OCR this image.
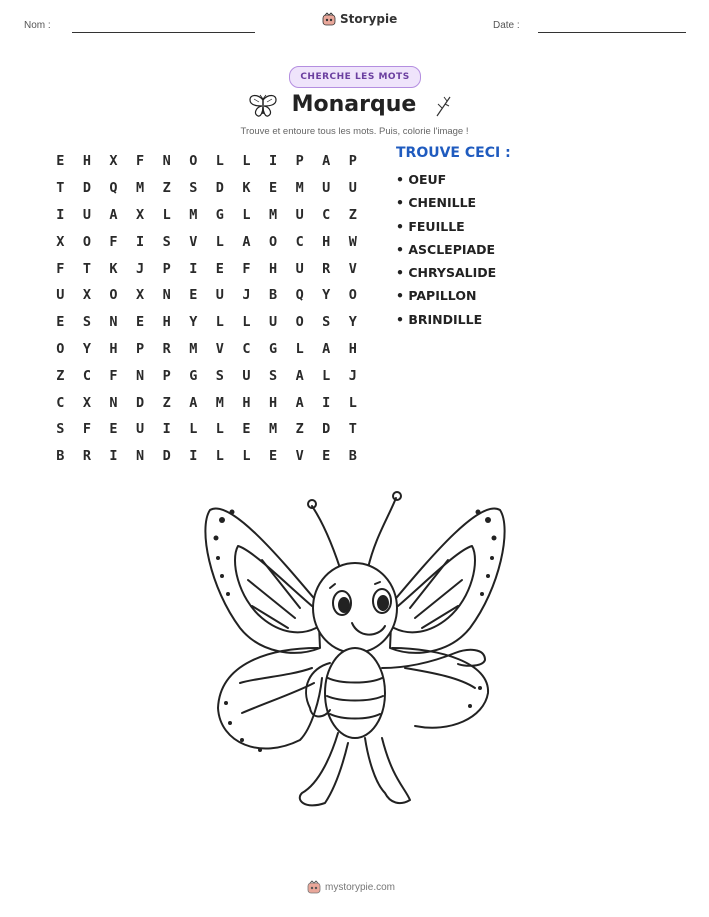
Nom :	Storypie	Date :
CHERCHE LES MOTS
Monarque
Trouve et entoure tous les mots. Puis, colorie l'image !
E	H	X	F	N	O	L	L	I	P	A	P
T	D	Q	M	Z	S	D	K	E	M	U	U
I	U	A	X	L	M	G	L	M	U	C	Z
X	O	F	I	S	V	L	A	O	C	H	W
F	T	K	J	P	I	E	F	H	U	R	V
U	X	O	X	N	E	U	J	B	Q	Y	O
E	S	N	E	H	Y	L	L	U	O	S	Y
O	Y	H	P	R	M	V	C	G	L	A	H
Z	C	F	N	P	G	S	U	S	A	L	J
C	X	N	D	Z	A	M	H	H	A	I	L
S	F	E	U	I	L	L	E	M	Z	D	T
B	R	I	N	D	I	L	L	E	V	E	B
TROUVE CECI :
• OEUF
• CHENILLE
• FEUILLE
• ASCLEPIADE
• CHRYSALIDE
• PAPILLON
• BRINDILLE
mystorypie.com
